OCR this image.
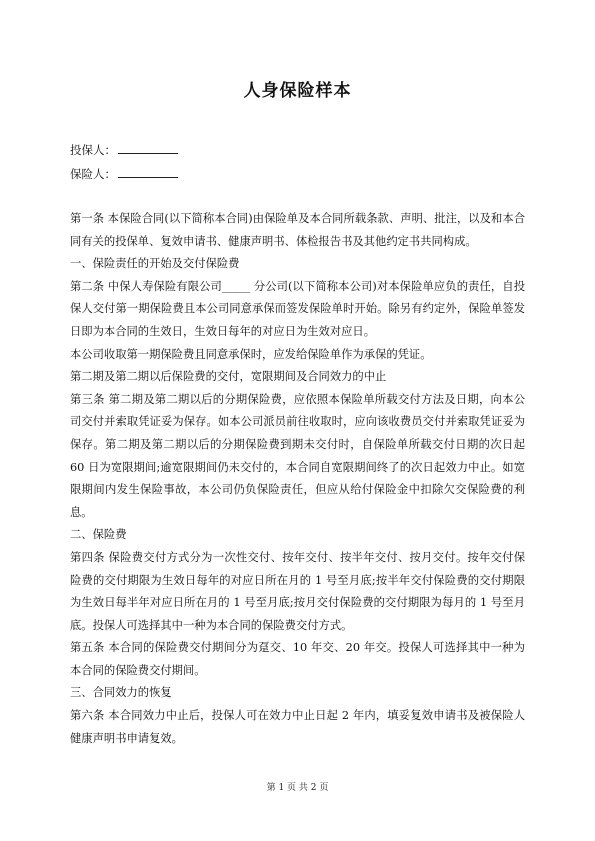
人身保险样本
投保人：
保险人：

第一条 本保险合同(以下简称本合同)由保险单及本合同所载条款、声明、批注，以及和本合同有关的投保单、复效申请书、健康声明书、体检报告书及其他约定书共同构成。

一、保险责任的开始及交付保险费

第二条 中保人寿保险有限公司_____ 分公司(以下简称本公司)对本保险单应负的责任，自投保人交付第一期保险费且本公司同意承保而签发保险单时开始。除另有约定外，保险单签发日即为本合同的生效日，生效日每年的对应日为生效对应日。

本公司收取第一期保险费且同意承保时，应发给保险单作为承保的凭证。

第二期及第二期以后保险费的交付，宽限期间及合同效力的中止

第三条 第二期及第二期以后的分期保险费，应依照本保险单所载交付方法及日期，向本公司交付并索取凭证妥为保存。如本公司派员前往收取时，应向该收费员交付并索取凭证妥为保存。第二期及第二期以后的分期保险费到期未交付时，自保险单所载交付日期的次日起 60 日为宽限期间;逾宽限期间仍未交付的，本合同自宽限期间终了的次日起效力中止。如宽限期间内发生保险事故，本公司仍负保险责任，但应从给付保险金中扣除欠交保险费的利息。

二、保险费

第四条 保险费交付方式分为一次性交付、按年交付、按半年交付、按月交付。按年交付保险费的交付期限为生效日每年的对应日所在月的 1 号至月底;按半年交付保险费的交付期限为生效日每半年对应日所在月的 1 号至月底;按月交付保险费的交付期限为每月的 1 号至月底。投保人可选择其中一种为本合同的保险费交付方式。

第五条 本合同的保险费交付期间分为趸交、10 年交、20 年交。投保人可选择其中一种为本合同的保险费交付期间。

三、合同效力的恢复

第六条 本合同效力中止后，投保人可在效力中止日起 2 年内，填妥复效申请书及被保险人健康声明书申请复效。

第 1 页 共 2 页
